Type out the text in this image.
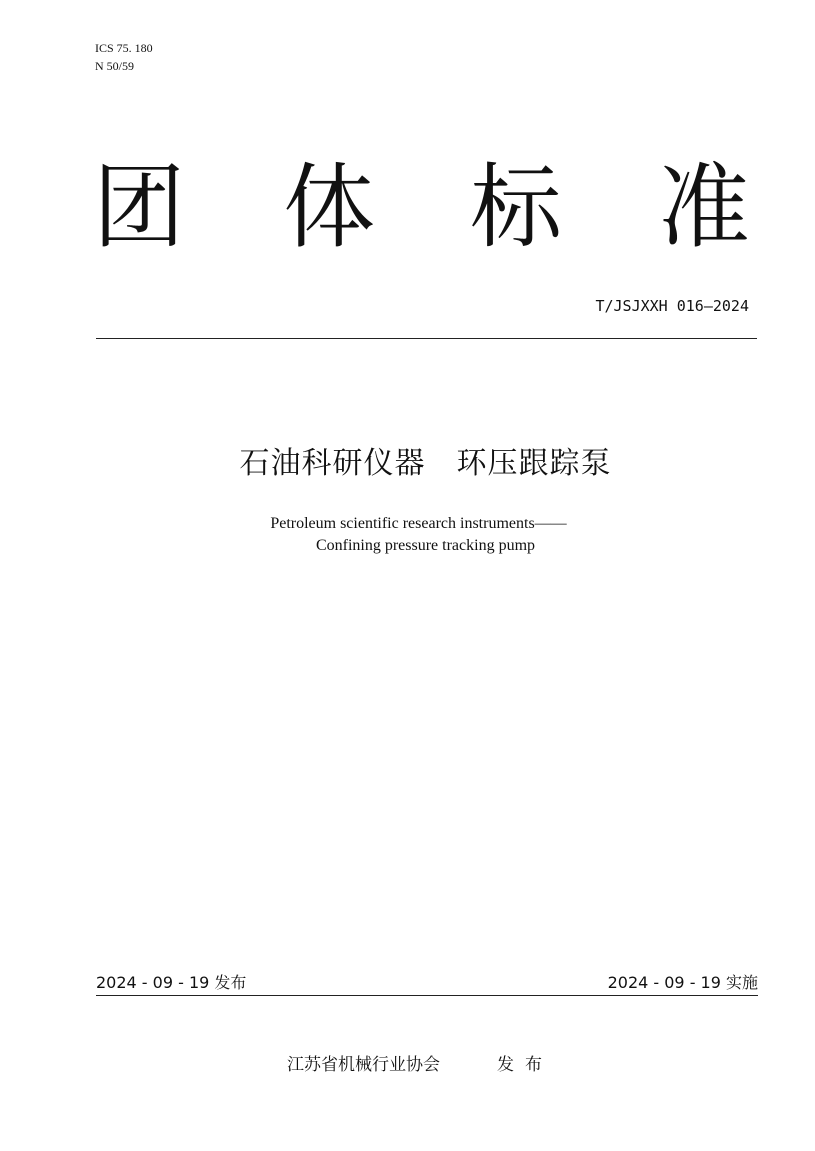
ICS 75. 180
N 50/59
团 体 标 准
T/JSJXXH 016—2024
石油科研仪器　环压跟踪泵
Petroleum scientific research instruments——
Confining pressure tracking pump
2024 - 09 - 19 发布	2024 - 09 - 19 实施
江苏省机械行业协会	发布
